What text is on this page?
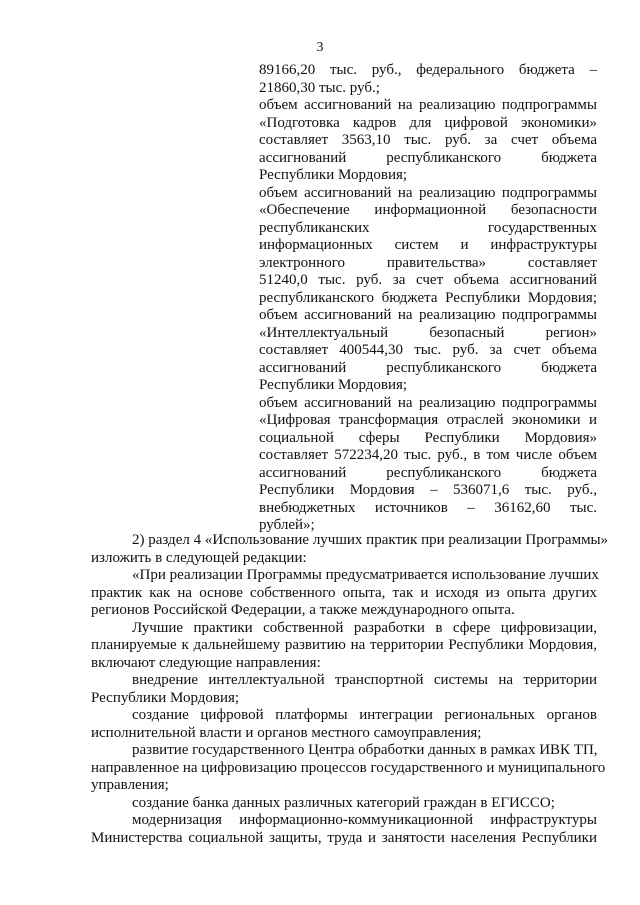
3
89166,20 тыс. руб., федерального бюджета –
21860,30 тыс. руб.;
объем ассигнований на реализацию подпрограммы
«Подготовка кадров для цифровой экономики»
составляет 3563,10 тыс. руб. за счет объема
ассигнований республиканского бюджета
Республики Мордовия;
объем ассигнований на реализацию подпрограммы
«Обеспечение информационной безопасности
республиканских государственных
информационных систем и инфраструктуры
электронного правительства» составляет
51240,0 тыс. руб. за счет объема ассигнований
республиканского бюджета Республики Мордовия;
объем ассигнований на реализацию подпрограммы
«Интеллектуальный безопасный регион»
составляет 400544,30 тыс. руб. за счет объема
ассигнований республиканского бюджета
Республики Мордовия;
объем ассигнований на реализацию подпрограммы
«Цифровая трансформация отраслей экономики и
социальной сферы Республики Мордовия»
составляет 572234,20 тыс. руб., в том числе объем
ассигнований республиканского бюджета
Республики Мордовия – 536071,6 тыс. руб.,
внебюджетных источников – 36162,60 тыс.
рублей»;
2) раздел 4 «Использование лучших практик при реализации Программы»
изложить в следующей редакции:
«При реализации Программы предусматривается использование лучших
практик как на основе собственного опыта, так и исходя из опыта других
регионов Российской Федерации, а также международного опыта.
Лучшие практики собственной разработки в сфере цифровизации,
планируемые к дальнейшему развитию на территории Республики Мордовия,
включают следующие направления:
внедрение интеллектуальной транспортной системы на территории
Республики Мордовия;
создание цифровой платформы интеграции региональных органов
исполнительной власти и органов местного самоуправления;
развитие государственного Центра обработки данных в рамках ИВК ТП,
направленное на цифровизацию процессов государственного и муниципального
управления;
создание банка данных различных категорий граждан в ЕГИССО;
модернизация информационно-коммуникационной инфраструктуры
Министерства социальной защиты, труда и занятости населения Республики
